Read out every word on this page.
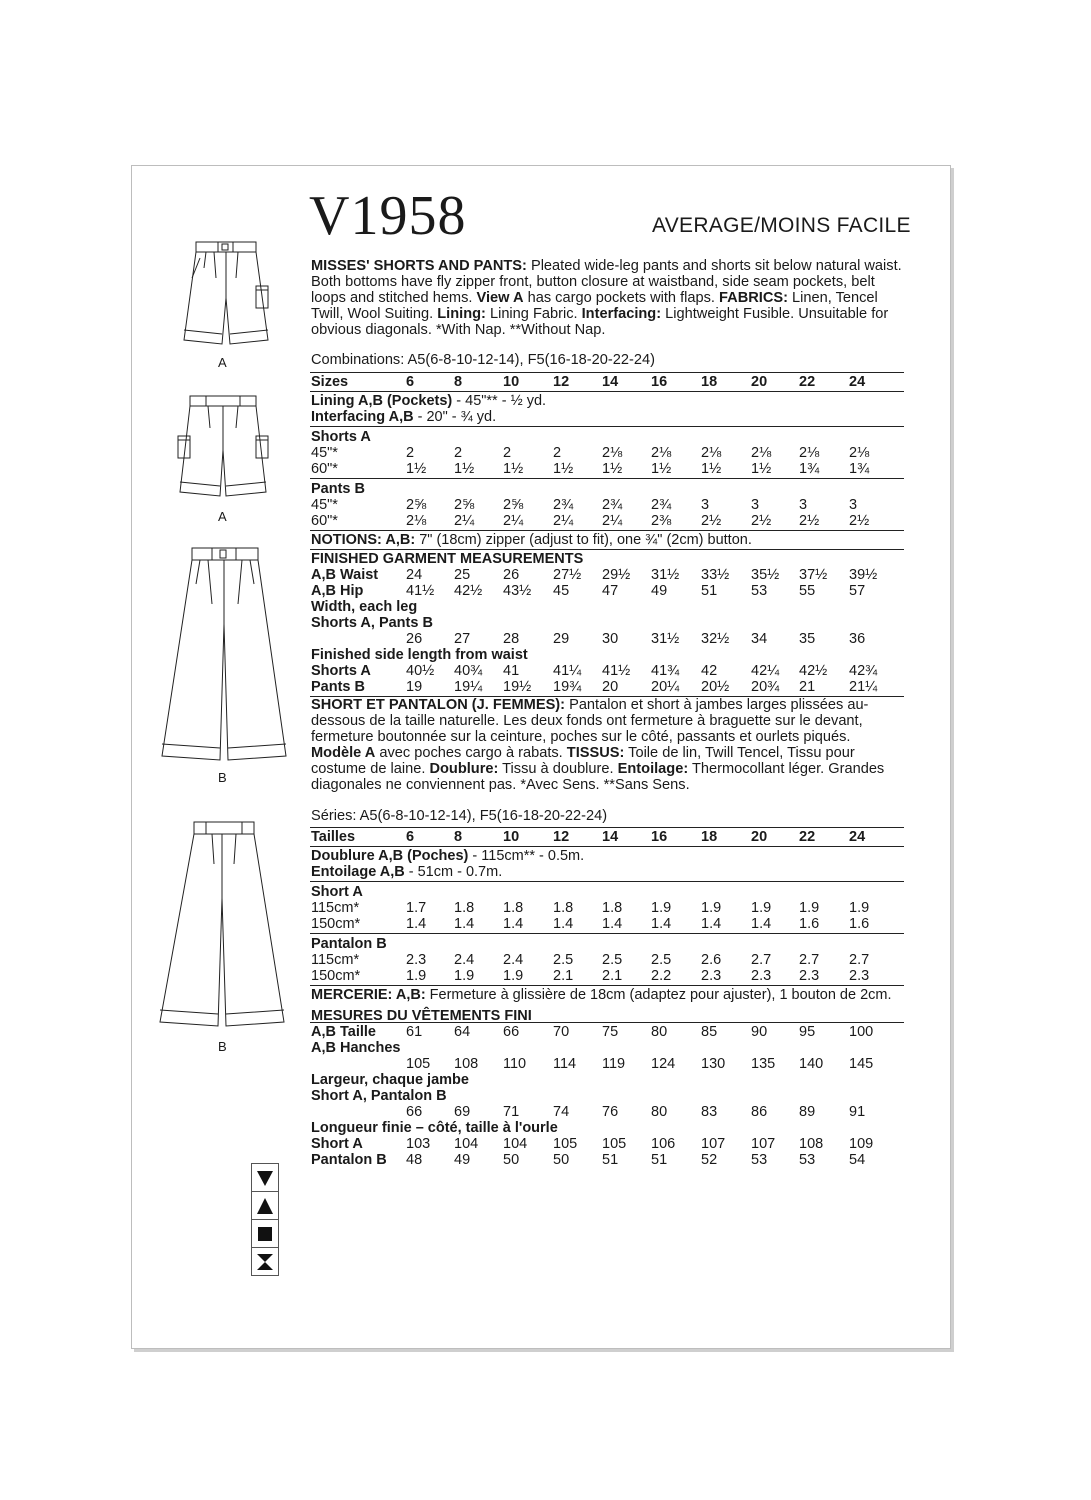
V1958	AVERAGE/MOINS FACILE
A
A
B
B
MISSES' SHORTS AND PANTS: Pleated wide-leg pants and shorts sit below natural waist. Both bottoms have fly zipper front, button closure at waistband, side seam pockets, belt loops and stitched hems. View A has cargo pockets with flaps. FABRICS: Linen, Tencel Twill, Wool Suiting. Lining: Lining Fabric. Interfacing: Lightweight Fusible. Unsuitable for obvious diagonals. *With Nap. **Without Nap.
Combinations: A5(6-8-10-12-14), F5(16-18-20-22-24)
Sizes	6	8	10 12 14 16 18 20 22 24
Lining A,B (Pockets) - 45"** - ½ yd.
Interfacing A,B - 20" - ¾ yd.
Shorts A
45"*	2	2	2	2	2⅛ 2⅛ 2⅛ 2⅛ 2⅛ 2⅛
60"*	1½ 1½ 1½ 1½ 1½ 1½ 1½ 1½ 1¾ 1¾
Pants B
45"*	2⅝ 2⅝ 2⅝ 2¾ 2¾ 2¾ 3	3	3	3
60"*	2⅛ 2¼ 2¼ 2¼ 2¼ 2⅜ 2½ 2½ 2½ 2½
NOTIONS: A,B: 7" (18cm) zipper (adjust to fit), one ¾" (2cm) button.
FINISHED GARMENT MEASUREMENTS
A,B Waist 24 25 26 27½ 29½ 31½ 33½ 35½ 37½ 39½
A,B Hip	41½ 42½ 43½ 45 47 49 51 53 55 57
Width, each leg
Shorts A, Pants B
26 27 28 29 30 31½ 32½ 34 35 36
Finished side length from waist
Shorts A 40½ 40¾ 41 41¼ 41½ 41¾ 42 42¼ 42½ 42¾
Pants B	19 19¼ 19½ 19¾ 20 20¼ 20½ 20¾ 21 21¼
SHORT ET PANTALON (J. FEMMES): Pantalon et short à jambes larges plissées au-dessous de la taille naturelle. Les deux fonds ont fermeture à braguette sur le devant, fermeture boutonnée sur la ceinture, poches sur le côté, passants et ourlets piqués. Modèle A avec poches cargo à rabats. TISSUS: Toile de lin, Twill Tencel, Tissu pour costume de laine. Doublure: Tissu à doublure. Entoilage: Thermocollant léger. Grandes diagonales ne conviennent pas. *Avec Sens. **Sans Sens.
Séries: A5(6-8-10-12-14), F5(16-18-20-22-24)
Tailles	6	8	10 12 14 16 18 20 22 24
Doublure A,B (Poches) - 115cm** - 0.5m.
Entoilage A,B - 51cm - 0.7m.
Short A
115cm*	1.7 1.8 1.8 1.8 1.8 1.9 1.9 1.9 1.9 1.9
150cm*	1.4 1.4 1.4 1.4 1.4 1.4 1.4 1.4 1.6 1.6
Pantalon B
115cm*	2.3 2.4 2.4 2.5 2.5 2.5 2.6 2.7 2.7 2.7
150cm*	1.9 1.9 1.9 2.1 2.1 2.2 2.3 2.3 2.3 2.3
MERCERIE: A,B: Fermeture à glissière de 18cm (adaptez pour ajuster), 1 bouton de 2cm.
MESURES DU VÊTEMENTS FINI
A,B Taille 61 64 66 70 75 80 85 90 95 100
A,B Hanches
105 108 110 114 119 124 130 135 140 145
Largeur, chaque jambe
Short A, Pantalon B
66 69 71 74 76 80 83 86 89 91
Longueur finie – côté, taille à l'ourle
Short A	103 104 104 105 105 106 107 107 108 109
Pantalon B 48 49 50 50 51 51 52 53 53 54
